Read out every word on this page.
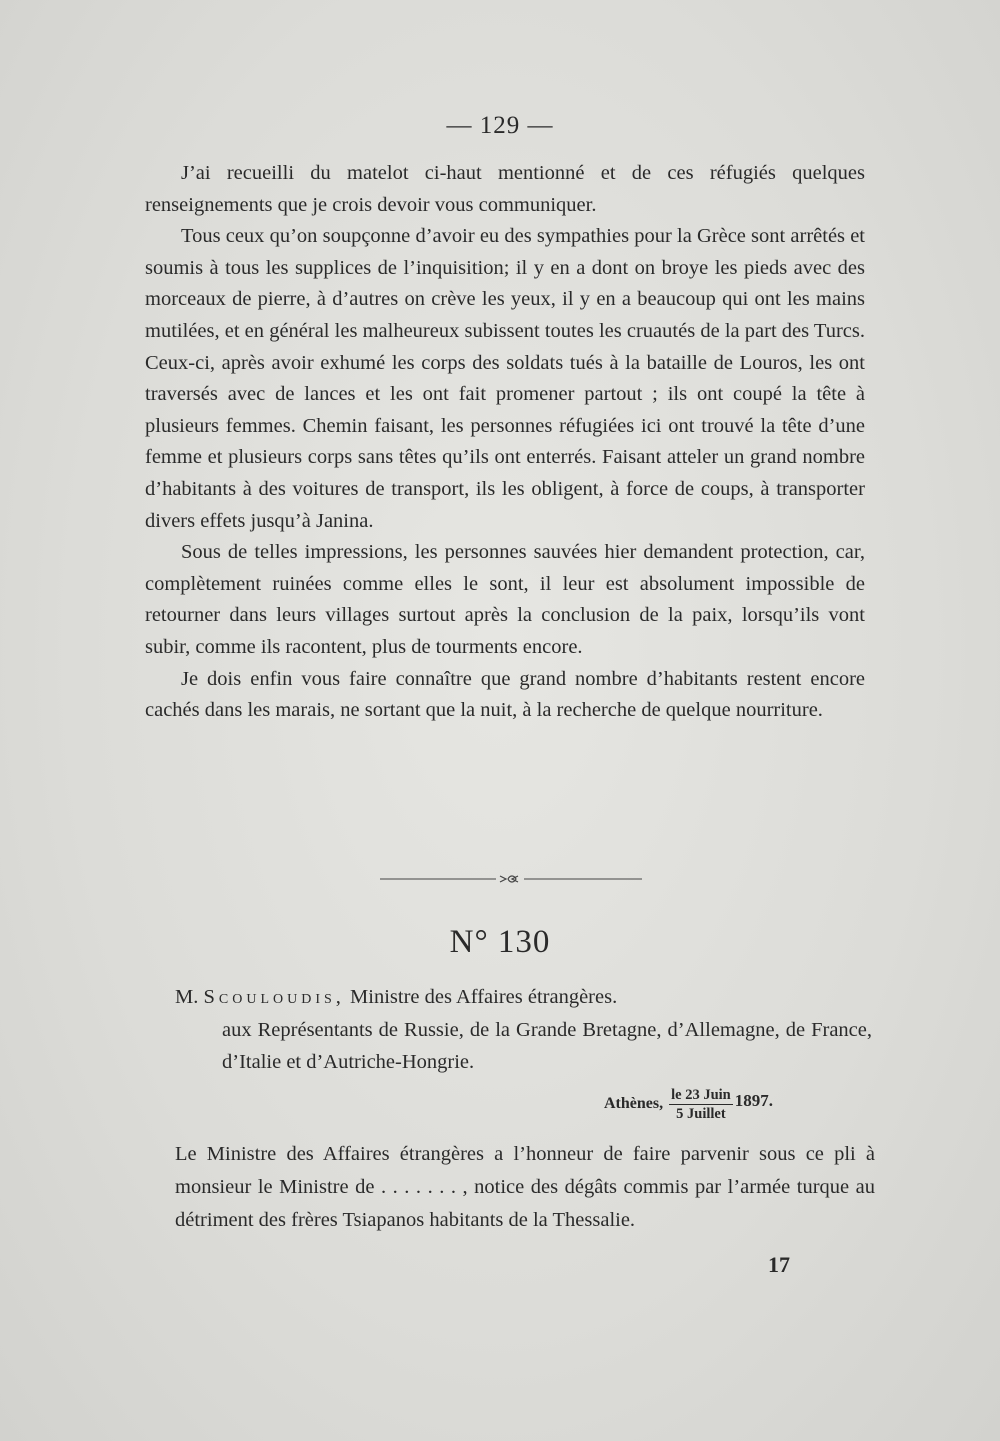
— 129 —

J’ai recueilli du matelot ci-haut mentionné et de ces réfugiés quelques renseignements que je crois devoir vous communiquer.

Tous ceux qu’on soupçonne d’avoir eu des sympathies pour la Grèce sont arrêtés et soumis à tous les supplices de l’inquisition; il y en a dont on broye les pieds avec des morceaux de pierre, à d’autres on crève les yeux, il y en a beaucoup qui ont les mains mutilées, et en général les malheureux subissent toutes les cruautés de la part des Turcs. Ceux-ci, après avoir exhumé les corps des soldats tués à la bataille de Louros, les ont traversés avec de lances et les ont fait promener partout ; ils ont coupé la tête à plusieurs femmes. Chemin faisant, les personnes réfugiées ici ont trouvé la tête d’une femme et plusieurs corps sans têtes qu’ils ont enterrés. Faisant atteler un grand nombre d’habitants à des voitures de transport, ils les obligent, à force de coups, à transporter divers effets jusqu’à Janina.

Sous de telles impressions, les personnes sauvées hier demandent protection, car, complètement ruinées comme elles le sont, il leur est absolument impossible de retourner dans leurs villages surtout après la conclusion de la paix, lorsqu’ils vont subir, comme ils racontent, plus de tourments encore.

Je dois enfin vous faire connaître que grand nombre d’habitants restent encore cachés dans les marais, ne sortant que la nuit, à la recherche de quelque nourriture.

N° 130
M. Scouloudis, Ministre des Affaires étrangères.
aux Représentants de Russie, de la Grande Bretagne, d’Allemagne, de France, d’Italie et d’Autriche-Hongrie.
Athènes, $\frac{\text{le 23 Juin}}{\text{5 Juillet}} 1897$.

Le Ministre des Affaires étrangères a l’honneur de faire parvenir sous ce pli à monsieur le Ministre de . . . . . . . , notice des dégâts commis par l’armée turque au détriment des frères Tsiapanos habitants de la Thessalie.

17
